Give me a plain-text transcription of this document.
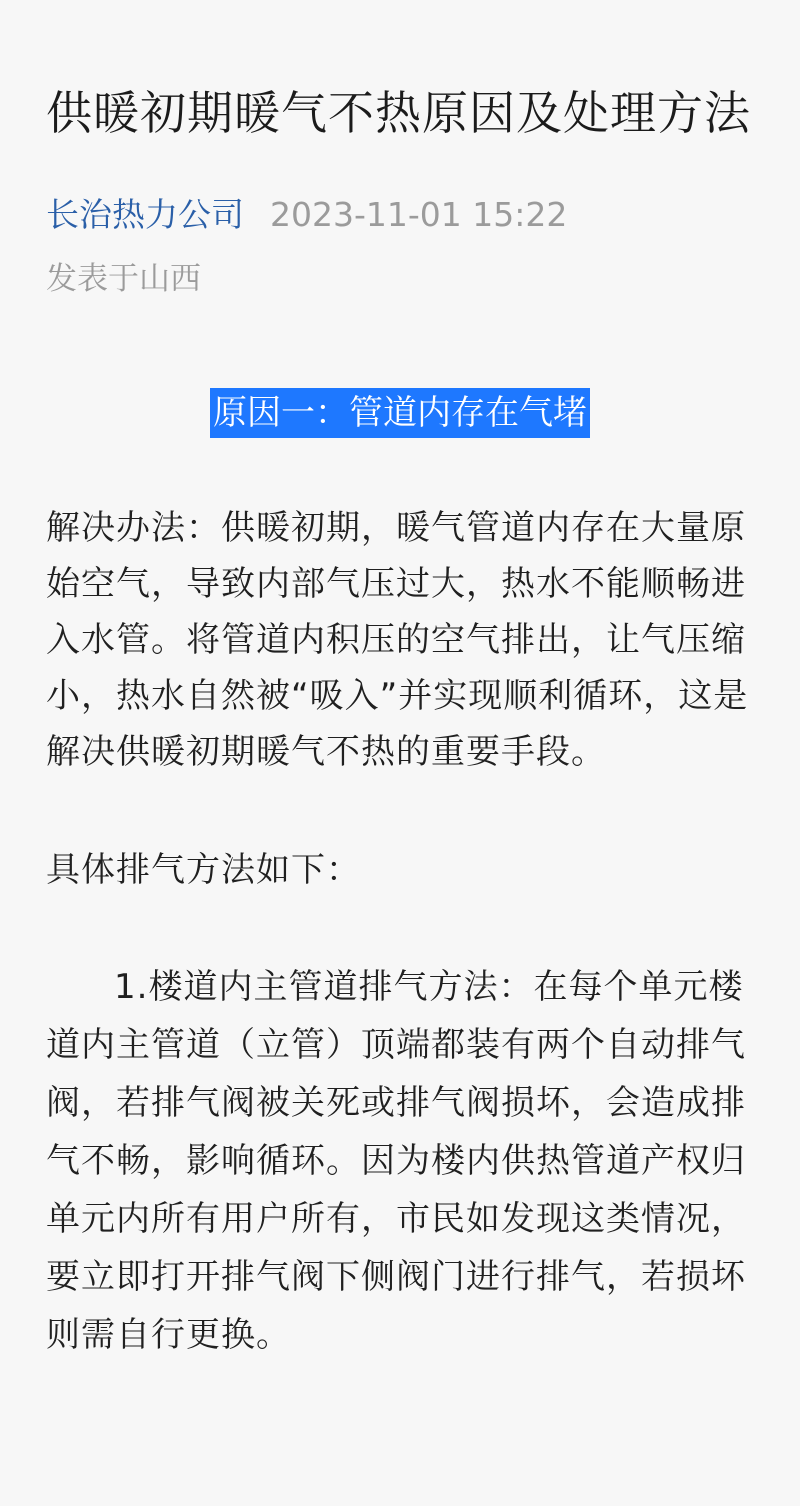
供暖初期暖气不热原因及处理方法
长治热力公司 2023-11-01 15:22
发表于山西
原因一：管道内存在气堵

解决办法：供暖初期，暖气管道内存在大量原始空气，导致内部气压过大，热水不能顺畅进入水管。将管道内积压的空气排出，让气压缩小，热水自然被“吸入”并实现顺利循环，这是解决供暖初期暖气不热的重要手段。

具体排气方法如下：

1.楼道内主管道排气方法：在每个单元楼道内主管道（立管）顶端都装有两个自动排气阀，若排气阀被关死或排气阀损坏，会造成排气不畅，影响循环。因为楼内供热管道产权归单元内所有用户所有，市民如发现这类情况，要立即打开排气阀下侧阀门进行排气，若损坏则需自行更换。
